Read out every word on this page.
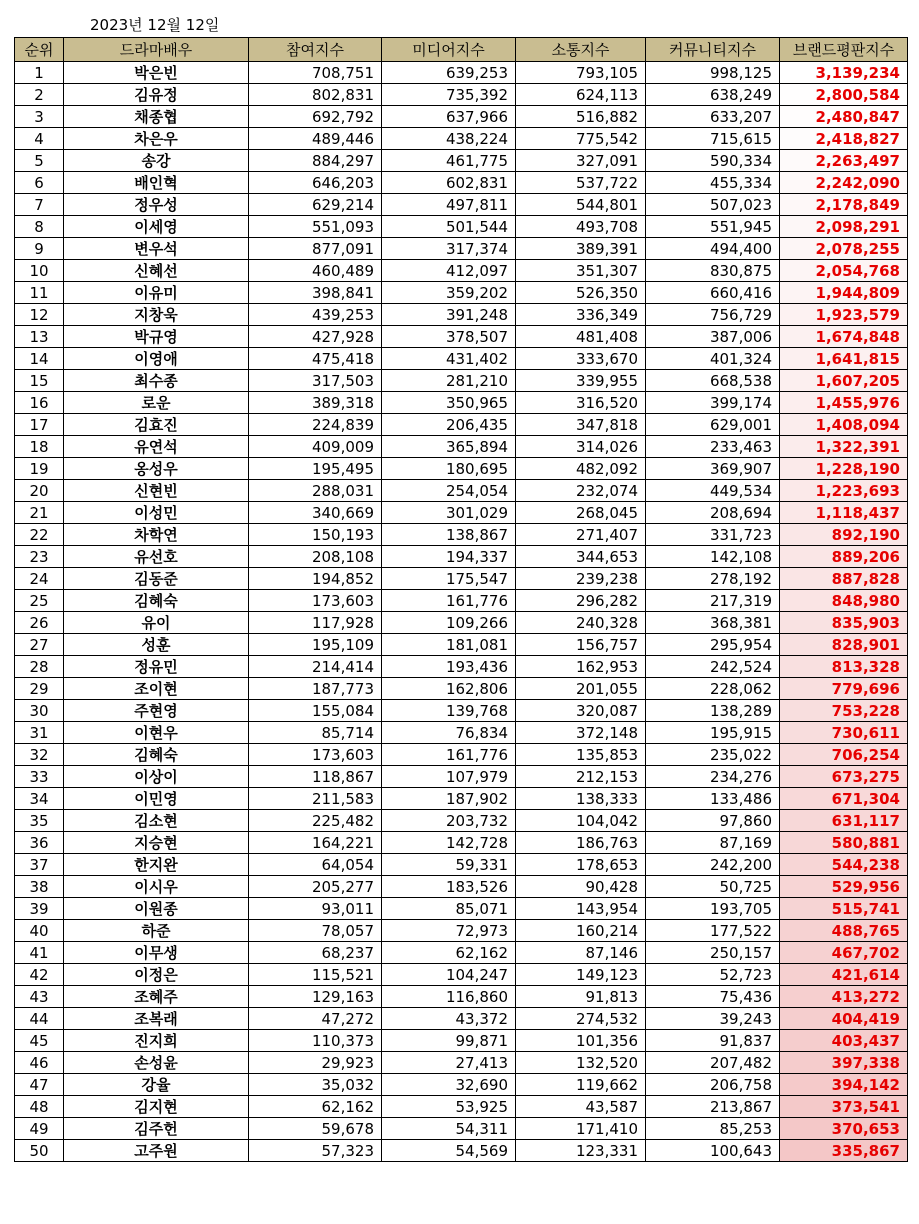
2023년 12월 12일
순위	드라마배우	참여지수	미디어지수	소통지수	커뮤니티지수	브랜드평판지수
1	박은빈	708,751	639,253	793,105	998,125	3,139,234
2	김유정	802,831	735,392	624,113	638,249	2,800,584
3	채종협	692,792	637,966	516,882	633,207	2,480,847
4	차은우	489,446	438,224	775,542	715,615	2,418,827
5	송강	884,297	461,775	327,091	590,334	2,263,497
6	배인혁	646,203	602,831	537,722	455,334	2,242,090
7	정우성	629,214	497,811	544,801	507,023	2,178,849
8	이세영	551,093	501,544	493,708	551,945	2,098,291
9	변우석	877,091	317,374	389,391	494,400	2,078,255
10	신혜선	460,489	412,097	351,307	830,875	2,054,768
11	이유미	398,841	359,202	526,350	660,416	1,944,809
12	지창욱	439,253	391,248	336,349	756,729	1,923,579
13	박규영	427,928	378,507	481,408	387,006	1,674,848
14	이영애	475,418	431,402	333,670	401,324	1,641,815
15	최수종	317,503	281,210	339,955	668,538	1,607,205
16	로운	389,318	350,965	316,520	399,174	1,455,976
17	김효진	224,839	206,435	347,818	629,001	1,408,094
18	유연석	409,009	365,894	314,026	233,463	1,322,391
19	옹성우	195,495	180,695	482,092	369,907	1,228,190
20	신현빈	288,031	254,054	232,074	449,534	1,223,693
21	이성민	340,669	301,029	268,045	208,694	1,118,437
22	차학연	150,193	138,867	271,407	331,723	892,190
23	유선호	208,108	194,337	344,653	142,108	889,206
24	김동준	194,852	175,547	239,238	278,192	887,828
25	김혜숙	173,603	161,776	296,282	217,319	848,980
26	유이	117,928	109,266	240,328	368,381	835,903
27	성훈	195,109	181,081	156,757	295,954	828,901
28	정유민	214,414	193,436	162,953	242,524	813,328
29	조이현	187,773	162,806	201,055	228,062	779,696
30	주현영	155,084	139,768	320,087	138,289	753,228
31	이현우	85,714	76,834	372,148	195,915	730,611
32	김혜숙	173,603	161,776	135,853	235,022	706,254
33	이상이	118,867	107,979	212,153	234,276	673,275
34	이민영	211,583	187,902	138,333	133,486	671,304
35	김소현	225,482	203,732	104,042	97,860	631,117
36	지승현	164,221	142,728	186,763	87,169	580,881
37	한지완	64,054	59,331	178,653	242,200	544,238
38	이시우	205,277	183,526	90,428	50,725	529,956
39	이원종	93,011	85,071	143,954	193,705	515,741
40	하준	78,057	72,973	160,214	177,522	488,765
41	이무생	68,237	62,162	87,146	250,157	467,702
42	이정은	115,521	104,247	149,123	52,723	421,614
43	조혜주	129,163	116,860	91,813	75,436	413,272
44	조복래	47,272	43,372	274,532	39,243	404,419
45	진지희	110,373	99,871	101,356	91,837	403,437
46	손성윤	29,923	27,413	132,520	207,482	397,338
47	강율	35,032	32,690	119,662	206,758	394,142
48	김지현	62,162	53,925	43,587	213,867	373,541
49	김주헌	59,678	54,311	171,410	85,253	370,653
50	고주원	57,323	54,569	123,331	100,643	335,867
